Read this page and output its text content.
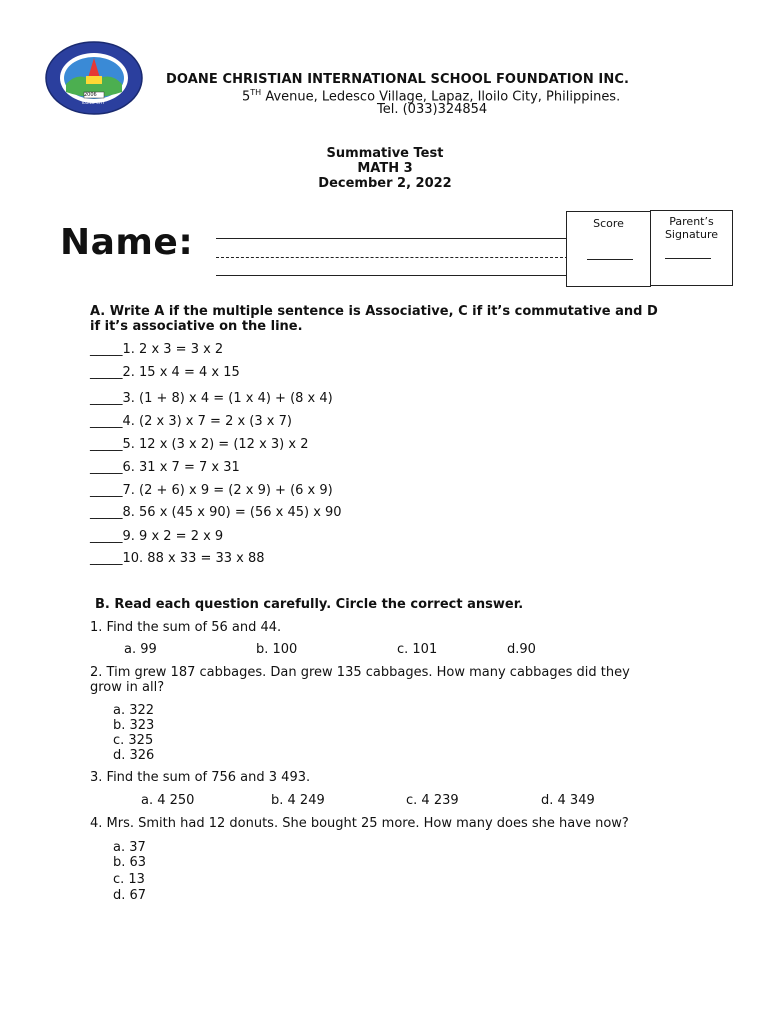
2006
ILOILO CITY
DOANE CHRISTIAN INTERNATIONAL SCHOOL FOUNDATION INC.
5TH Avenue, Ledesco Village, Lapaz, Iloilo City, Philippines.
Tel. (033)324854
Summative Test
MATH 3
December 2, 2022
Name:	Score	Parent’s
Signature
A. Write A if the multiple sentence is Associative, C if it’s commutative and D
if it’s associative on the line.
_____1. 2 x 3 = 3 x 2
_____2. 15 x 4 = 4 x 15
_____3. (1 + 8) x 4 = (1 x 4) + (8 x 4)
_____4. (2 x 3) x 7 = 2 x (3 x 7)
_____5. 12 x (3 x 2) = (12 x 3) x 2
_____6. 31 x 7 = 7 x 31
_____7. (2 + 6) x 9 = (2 x 9) + (6 x 9)
_____8. 56 x (45 x 90) = (56 x 45) x 90
_____9. 9 x 2 = 2 x 9
_____10. 88 x 33 = 33 x 88
B. Read each question carefully. Circle the correct answer.
1. Find the sum of 56 and 44.
a. 99	b. 100	c. 101	d.90
2. Tim grew 187 cabbages. Dan grew 135 cabbages. How many cabbages did they
grow in all?
a. 322
b. 323
c. 325
d. 326
3. Find the sum of 756 and 3 493.
a. 4 250	b. 4 249	c. 4 239	d. 4 349
4. Mrs. Smith had 12 donuts. She bought 25 more. How many does she have now?
a. 37
b. 63
c. 13
d. 67
